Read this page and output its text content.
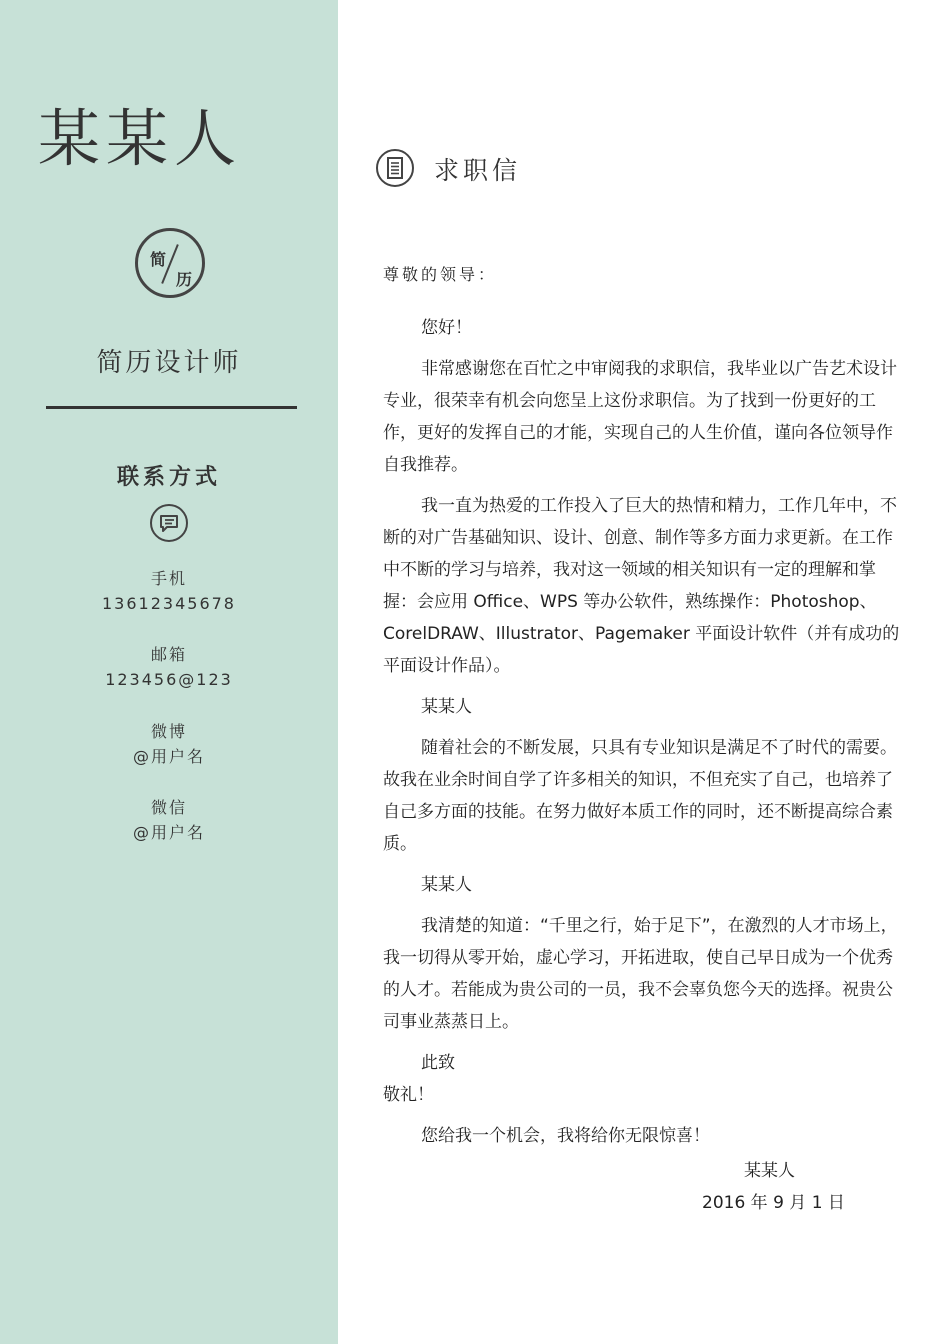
某某人
简
历
简历设计师
联系方式
手机
13612345678
邮箱
123456@123
微博
@用户名
微信
@用户名
求职信

尊敬的领导：

您好！

非常感谢您在百忙之中审阅我的求职信，我毕业以广告艺术设计专业，很荣幸有机会向您呈上这份求职信。为了找到一份更好的工作，更好的发挥自己的才能，实现自己的人生价值，谨向各位领导作自我推荐。

我一直为热爱的工作投入了巨大的热情和精力，工作几年中，不断的对广告基础知识、设计、创意、制作等多方面力求更新。在工作中不断的学习与培养，我对这一领域的相关知识有一定的理解和掌握：会应用 Office、WPS 等办公软件，熟练操作：Photoshop、CorelDRAW、Illustrator、Pagemaker 平面设计软件（并有成功的平面设计作品）。

某某人

随着社会的不断发展，只具有专业知识是满足不了时代的需要。故我在业余时间自学了许多相关的知识，不但充实了自己，也培养了自己多方面的技能。在努力做好本质工作的同时，还不断提高综合素质。

某某人

我清楚的知道：“千里之行，始于足下”，在激烈的人才市场上，我一切得从零开始，虚心学习，开拓进取，使自己早日成为一个优秀的人才。若能成为贵公司的一员，我不会辜负您今天的选择。祝贵公司事业蒸蒸日上。

此致

敬礼！

您给我一个机会，我将给你无限惊喜！

某某人
2016 年 9 月 1 日
